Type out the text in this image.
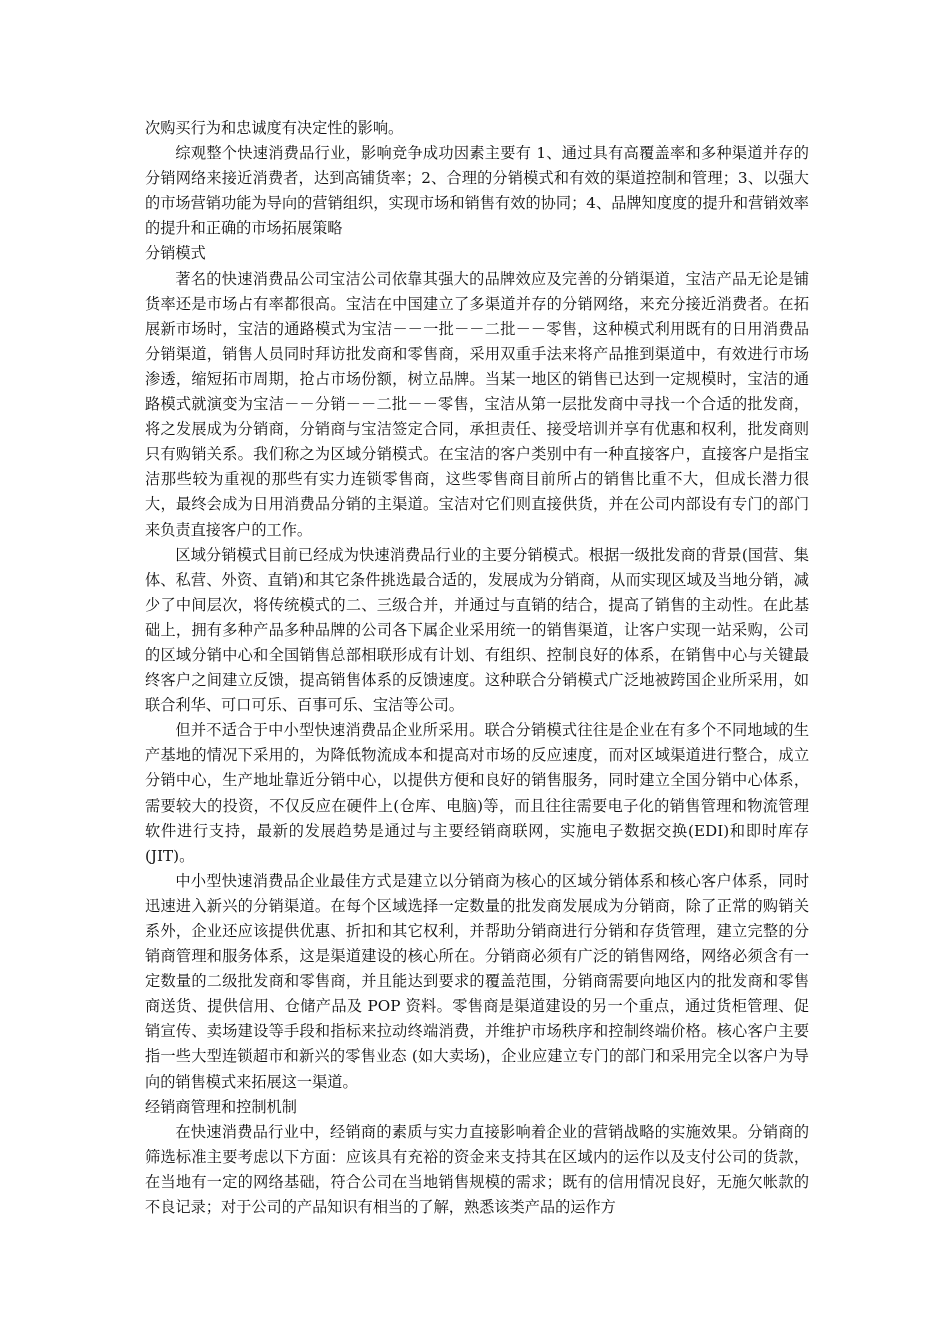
次购买行为和忠诚度有决定性的影响。

综观整个快速消费品行业，影响竞争成功因素主要有 1、通过具有高覆盖率和多种渠道并存的分销网络来接近消费者，达到高铺货率；2、合理的分销模式和有效的渠道控制和管理；3、以强大的市场营销功能为导向的营销组织，实现市场和销售有效的协同；4、品牌知度度的提升和营销效率的提升和正确的市场拓展策略

分销模式

著名的快速消费品公司宝洁公司依靠其强大的品牌效应及完善的分销渠道，宝洁产品无论是铺货率还是市场占有率都很高。宝洁在中国建立了多渠道并存的分销网络，来充分接近消费者。在拓展新市场时，宝洁的通路模式为宝洁－－一批－－二批－－零售，这种模式利用既有的日用消费品分销渠道，销售人员同时拜访批发商和零售商，采用双重手法来将产品推到渠道中，有效进行市场渗透，缩短拓市周期，抢占市场份额，树立品牌。当某一地区的销售已达到一定规模时，宝洁的通路模式就演变为宝洁－－分销－－二批－－零售，宝洁从第一层批发商中寻找一个合适的批发商，将之发展成为分销商，分销商与宝洁签定合同，承担责任、接受培训并享有优惠和权利，批发商则只有购销关系。我们称之为区域分销模式。在宝洁的客户类别中有一种直接客户，直接客户是指宝洁那些较为重视的那些有实力连锁零售商，这些零售商目前所占的销售比重不大，但成长潜力很大，最终会成为日用消费品分销的主渠道。宝洁对它们则直接供货，并在公司内部设有专门的部门来负责直接客户的工作。

区域分销模式目前已经成为快速消费品行业的主要分销模式。根据一级批发商的背景(国营、集体、私营、外资、直销)和其它条件挑选最合适的，发展成为分销商，从而实现区域及当地分销，减少了中间层次，将传统模式的二、三级合并，并通过与直销的结合，提高了销售的主动性。在此基础上，拥有多种产品多种品牌的公司各下属企业采用统一的销售渠道，让客户实现一站采购，公司的区域分销中心和全国销售总部相联形成有计划、有组织、控制良好的体系，在销售中心与关键最终客户之间建立反馈，提高销售体系的反馈速度。这种联合分销模式广泛地被跨国企业所采用，如联合利华、可口可乐、百事可乐、宝洁等公司。

但并不适合于中小型快速消费品企业所采用。联合分销模式往往是企业在有多个不同地域的生产基地的情况下采用的，为降低物流成本和提高对市场的反应速度，而对区域渠道进行整合，成立分销中心，生产地址靠近分销中心，以提供方便和良好的销售服务，同时建立全国分销中心体系，需要较大的投资，不仅反应在硬件上(仓库、电脑)等，而且往往需要电子化的销售管理和物流管理软件进行支持，最新的发展趋势是通过与主要经销商联网，实施电子数据交换(EDI)和即时库存(JIT)。

中小型快速消费品企业最佳方式是建立以分销商为核心的区域分销体系和核心客户体系，同时迅速进入新兴的分销渠道。在每个区域选择一定数量的批发商发展成为分销商，除了正常的购销关系外，企业还应该提供优惠、折扣和其它权利，并帮助分销商进行分销和存货管理，建立完整的分销商管理和服务体系，这是渠道建设的核心所在。分销商必须有广泛的销售网络，网络必须含有一定数量的二级批发商和零售商，并且能达到要求的覆盖范围，分销商需要向地区内的批发商和零售商送货、提供信用、仓储产品及 POP 资料。零售商是渠道建设的另一个重点，通过货柜管理、促销宣传、卖场建设等手段和指标来拉动终端消费，并维护市场秩序和控制终端价格。核心客户主要指一些大型连锁超市和新兴的零售业态 (如大卖场)，企业应建立专门的部门和采用完全以客户为导向的销售模式来拓展这一渠道。

经销商管理和控制机制

在快速消费品行业中，经销商的素质与实力直接影响着企业的营销战略的实施效果。分销商的筛选标准主要考虑以下方面：应该具有充裕的资金来支持其在区域内的运作以及支付公司的货款，在当地有一定的网络基础，符合公司在当地销售规模的需求；既有的信用情况良好，无施欠帐款的不良记录；对于公司的产品知识有相当的了解，熟悉该类产品的运作方
